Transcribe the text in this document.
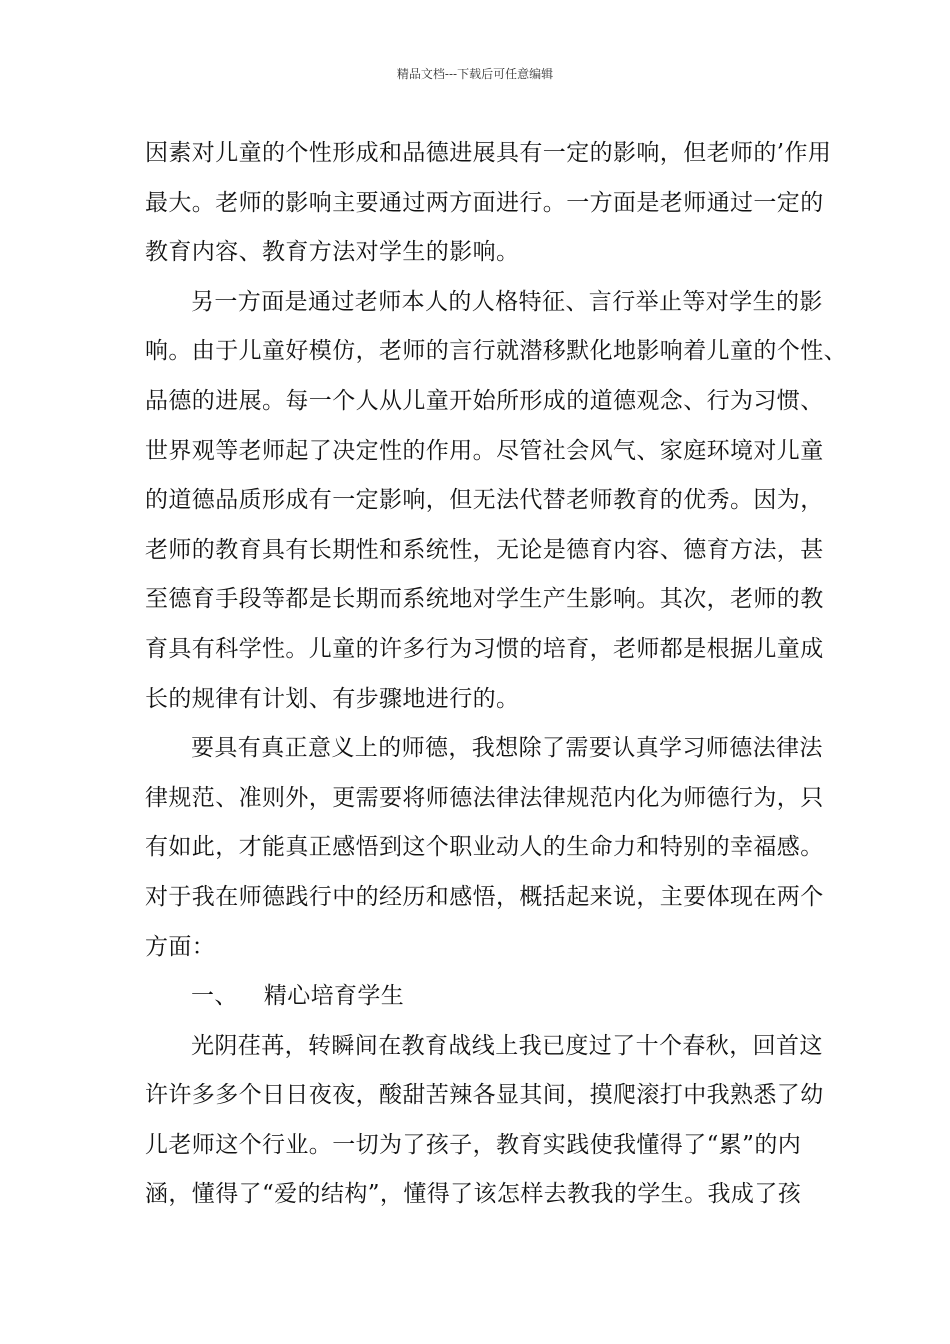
精品文档---下载后可任意编辑
因素对儿童的个性形成和品德进展具有一定的影响，但老师的’作用
最大。老师的影响主要通过两方面进行。一方面是老师通过一定的
教育内容、教育方法对学生的影响。
另一方面是通过老师本人的人格特征、言行举止等对学生的影
响。由于儿童好模仿，老师的言行就潜移默化地影响着儿童的个性、
品德的进展。每一个人从儿童开始所形成的道德观念、行为习惯、
世界观等老师起了决定性的作用。尽管社会风气、家庭环境对儿童
的道德品质形成有一定影响，但无法代替老师教育的优秀。因为，
老师的教育具有长期性和系统性，无论是德育内容、德育方法，甚
至德育手段等都是长期而系统地对学生产生影响。其次，老师的教
育具有科学性。儿童的许多行为习惯的培育，老师都是根据儿童成
长的规律有计划、有步骤地进行的。
要具有真正意义上的师德，我想除了需要认真学习师德法律法
律规范、准则外，更需要将师德法律法律规范内化为师德行为，只
有如此，才能真正感悟到这个职业动人的生命力和特别的幸福感。
对于我在师德践行中的经历和感悟，概括起来说，主要体现在两个
方面：
一、 精心培育学生
光阴荏苒，转瞬间在教育战线上我已度过了十个春秋，回首这
许许多多个日日夜夜，酸甜苦辣各显其间，摸爬滚打中我熟悉了幼
儿老师这个行业。一切为了孩子，教育实践使我懂得了“累”的内
涵，懂得了“爱的结构”，懂得了该怎样去教我的学生。我成了孩
